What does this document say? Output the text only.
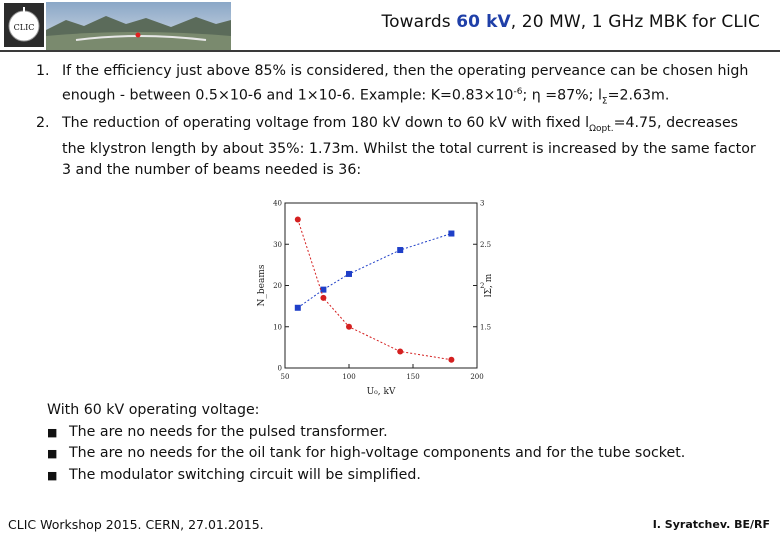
CLIC	Towards 60 kV, 20 MW, 1 GHz MBK for CLIC
1. If the efficiency just above 85% is considered, then the operating perveance can be chosen high enough - between 0.5×10-6 and 1×10-6. Example: $K=0.83\times 10^{-6}$; η =87%; $l_\Sigma=2.63m$.
2. The reduction of operating voltage from 180 kV down to 60 kV with fixed $l_{\Omega opt.}=4.75$, decreases the klystron length by about 35%: 1.73m. Whilst the total current is increased by the same factor 3 and the number of beams needed is 36:
50	100	150	200
0
10
20
30
40
1.5
2
2.5
3
U₀, kV
N_beams	lΣ, m
With 60 kV operating voltage:
■ The are no needs for the pulsed transformer.
■ The are no needs for the oil tank for high-voltage components and for the tube socket.
■ The modulator switching circuit will be simplified.
CLIC Workshop 2015. CERN, 27.01.2015.	I. Syratchev. BE/RF
